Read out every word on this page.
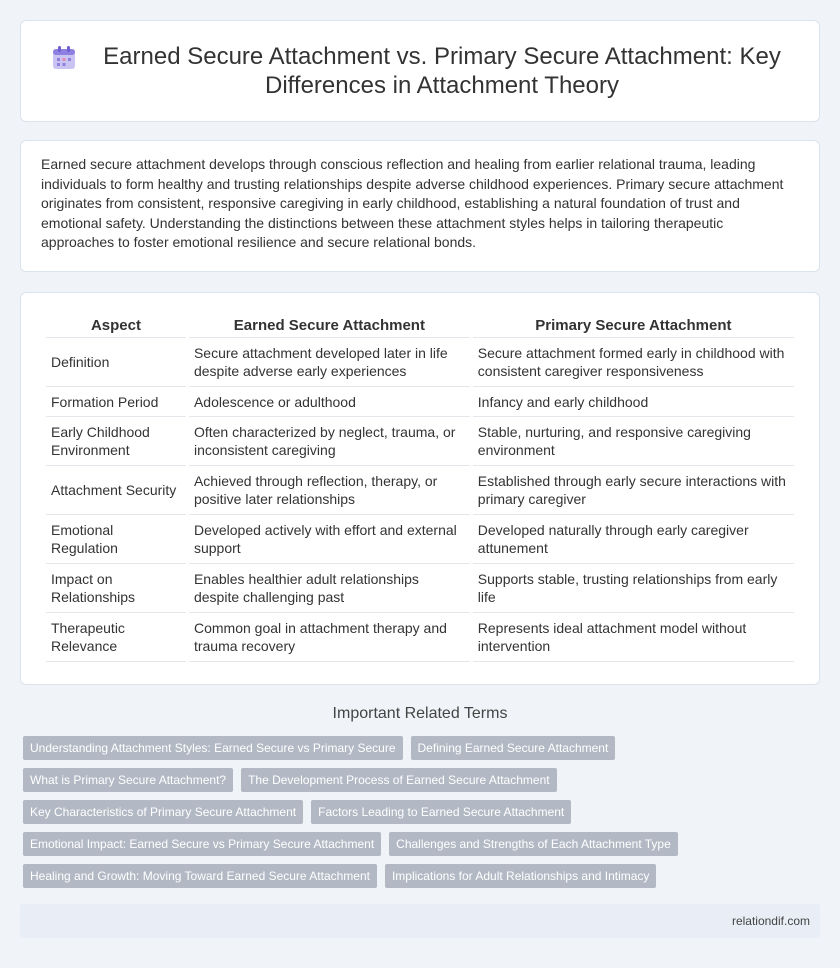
Earned Secure Attachment vs. Primary Secure Attachment: Key Differences in Attachment Theory

Earned secure attachment develops through conscious reflection and healing from earlier relational trauma, leading individuals to form healthy and trusting relationships despite adverse childhood experiences. Primary secure attachment originates from consistent, responsive caregiving in early childhood, establishing a natural foundation of trust and emotional safety. Understanding the distinctions between these attachment styles helps in tailoring therapeutic approaches to foster emotional resilience and secure relational bonds.

Aspect	Earned Secure Attachment	Primary Secure Attachment
Definition	Secure attachment developed later in life despite adverse early experiences	Secure attachment formed early in childhood with consistent caregiver responsiveness
Formation Period	Adolescence or adulthood	Infancy and early childhood
Early Childhood Environment	Often characterized by neglect, trauma, or inconsistent caregiving	Stable, nurturing, and responsive caregiving environment
Attachment Security	Achieved through reflection, therapy, or positive later relationships	Established through early secure interactions with primary caregiver
Emotional Regulation	Developed actively with effort and external support	Developed naturally through early caregiver attunement
Impact on Relationships	Enables healthier adult relationships despite challenging past	Supports stable, trusting relationships from early life
Therapeutic Relevance	Common goal in attachment therapy and trauma recovery	Represents ideal attachment model without intervention
Important Related Terms
Understanding Attachment Styles: Earned Secure vs Primary Secure	Defining Earned Secure Attachment
What is Primary Secure Attachment?	The Development Process of Earned Secure Attachment
Key Characteristics of Primary Secure Attachment	Factors Leading to Earned Secure Attachment
Emotional Impact: Earned Secure vs Primary Secure Attachment	Challenges and Strengths of Each Attachment Type
Healing and Growth: Moving Toward Earned Secure Attachment	Implications for Adult Relationships and Intimacy
relationdif.com
